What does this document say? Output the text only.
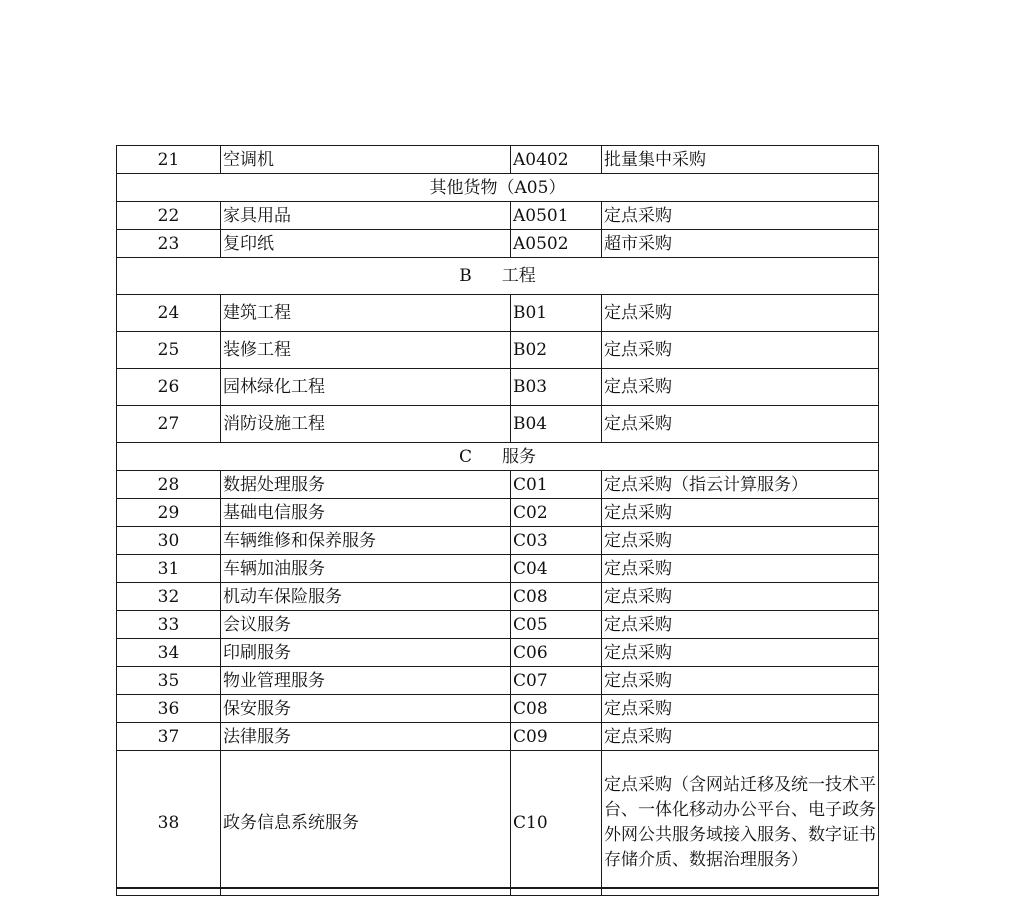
21	空调机	A0402	批量集中采购
其他货物（A05）			
22	家具用品	A0501	定点采购
23	复印纸	A0502	超市采购
B 工程			
24	建筑工程	B01	定点采购
25	装修工程	B02	定点采购
26	园林绿化工程	B03	定点采购
27	消防设施工程	B04	定点采购
C 服务			
28	数据处理服务	C01	定点采购（指云计算服务）
29	基础电信服务	C02	定点采购
30	车辆维修和保养服务	C03	定点采购
31	车辆加油服务	C04	定点采购
32	机动车保险服务	C08	定点采购
33	会议服务	C05	定点采购
34	印刷服务	C06	定点采购
35	物业管理服务	C07	定点采购
36	保安服务	C08	定点采购
37	法律服务	C09	定点采购
38	政务信息系统服务	C10	定点采购（含网站迁移及统一技术平台、一体化移动办公平台、电子政务外网公共服务域接入服务、数字证书存储介质、数据治理服务）
